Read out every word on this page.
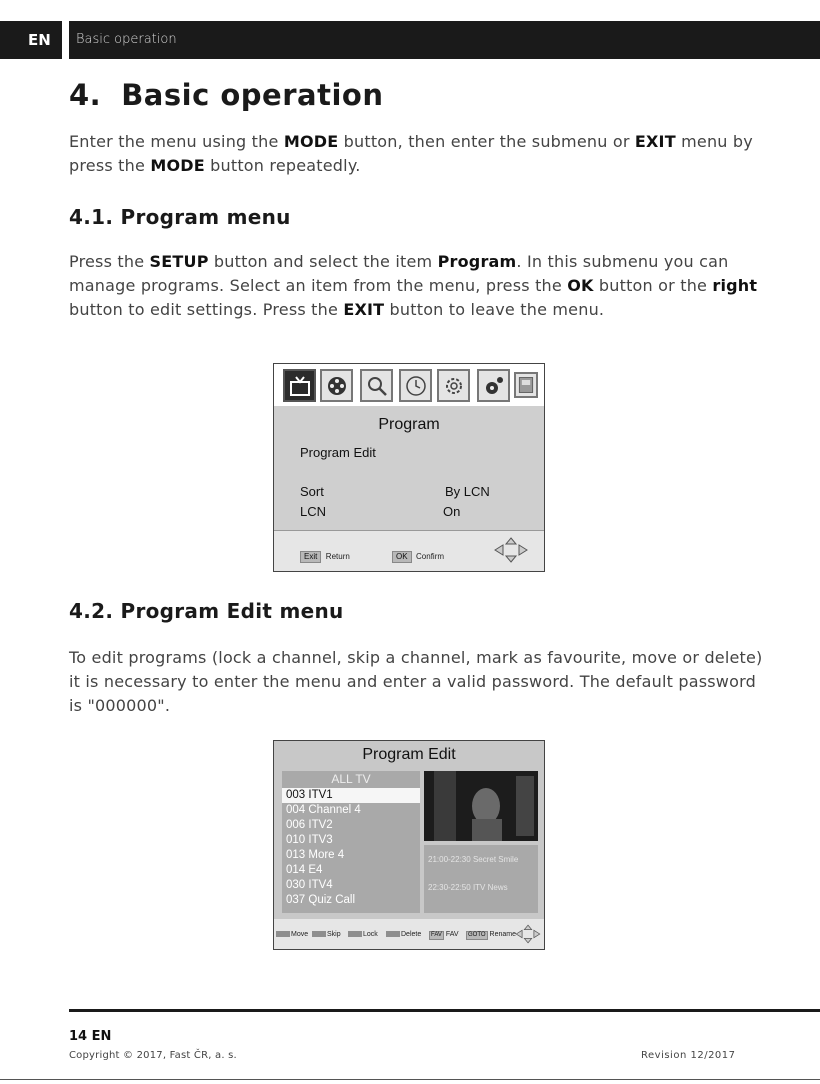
EN	Basic operation
4. Basic operation
Enter the menu using the MODE button, then enter the submenu or EXIT menu by press the MODE button repeatedly.
4.1. Program menu
Press the SETUP button and select the item Program. In this submenu you can manage programs. Select an item from the menu, press the OK button or the right button to edit settings. Press the EXIT button to leave the menu.
Program
Program Edit
Sort	By LCN
LCN	On
Exit Return	OK Confirm
4.2. Program Edit menu
To edit programs (lock a channel, skip a channel, mark as favourite, move or delete) it is necessary to enter the menu and enter a valid password. The default password is "000000".
Program Edit
ALL TV
003 ITV1
004 Channel 4
006 ITV2
010 ITV3
013 More 4
014 E4
030 ITV4
037 Quiz Call
21:00-22:30 Secret Smile
22:30-22:50 ITV News
Move	Skip	Lock	Delete	FAV FAV	GOTO Rename
14 EN
Copyright © 2017, Fast ČR, a. s.	Revision 12/2017
